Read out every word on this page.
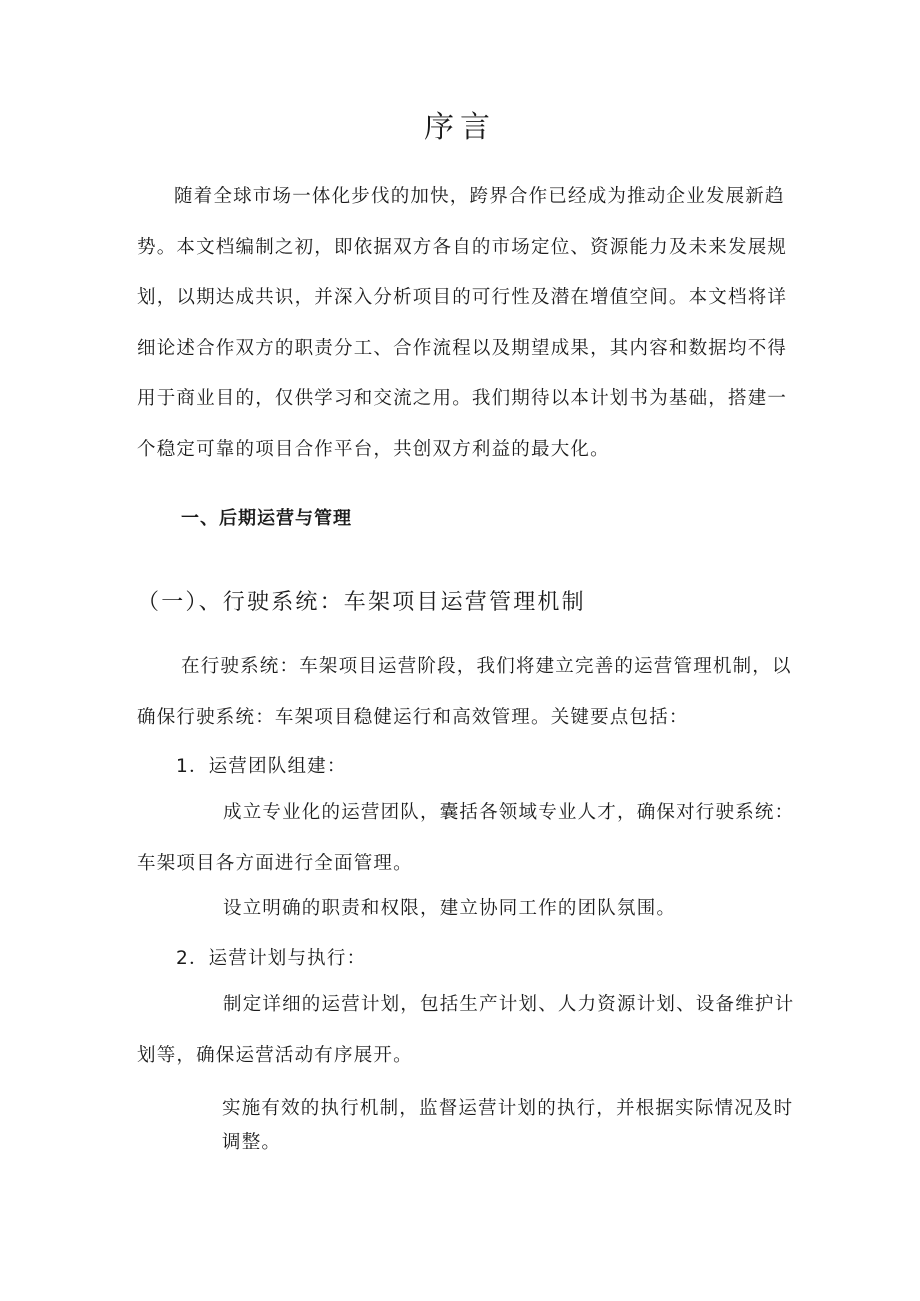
序言
随着全球市场一体化步伐的加快，跨界合作已经成为推动企业发展新趋势。本文档编制之初，即依据双方各自的市场定位、资源能力及未来发展规划，以期达成共识，并深入分析项目的可行性及潜在增值空间。本文档将详细论述合作双方的职责分工、合作流程以及期望成果，其内容和数据均不得用于商业目的，仅供学习和交流之用。我们期待以本计划书为基础，搭建一个稳定可靠的项目合作平台，共创双方利益的最大化。
一、后期运营与管理
（一）、行驶系统：车架项目运营管理机制
在行驶系统：车架项目运营阶段，我们将建立完善的运营管理机制，以确保行驶系统：车架项目稳健运行和高效管理。关键要点包括：
1．运营团队组建：
成立专业化的运营团队，囊括各领域专业人才，确保对行驶系统：车架项目各方面进行全面管理。
设立明确的职责和权限，建立协同工作的团队氛围。
2．运营计划与执行：
制定详细的运营计划，包括生产计划、人力资源计划、设备维护计划等，确保运营活动有序展开。
实施有效的执行机制，监督运营计划的执行，并根据实际情况及时调整。
